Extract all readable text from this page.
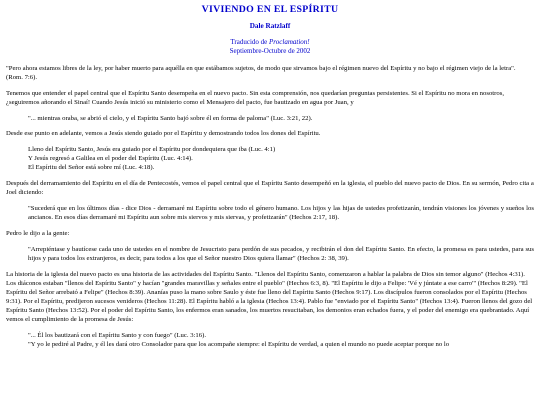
VIVIENDO EN EL ESPÍRITU
Dale Ratzlaff
Traducido de Proclamation!
Septiembre-Octubre de 2002

"Pero ahora estamos libres de la ley, por haber muerto para aquélla en que estábamos sujetos, de modo que sirvamos bajo el régimen nuevo del Espíritu y no bajo el régimen viejo de la letra". (Rom. 7:6).

Tenemos que entender el papel central que el Espíritu Santo desempeña en el nuevo pacto. Sin esta comprensión, nos quedarían preguntas persistentes. Si el Espíritu no mora en nosotros, ¿seguiremos añorando el Sinaí! Cuando Jesús inició su ministerio como el Mensajero del pacto, fue bautizado en agua por Juan, y

"... mientras oraba, se abrió el cielo, y el Espíritu Santo bajó sobre él en forma de paloma" (Luc. 3:21, 22).

Desde ese punto en adelante, vemos a Jesús siendo guiado por el Espíritu y demostrando todos los dones del Espíritu.

Lleno del Espíritu Santo, Jesús era guiado por el Espíritu por dondequiera que iba (Luc. 4:1)
Y Jesús regresó a Galilea en el poder del Espíritu (Luc. 4:14).
El Espíritu del Señor está sobre mí (Luc. 4:18).

Después del derramamiento del Espíritu en el día de Pentecostés, vemos el papel central que el Espíritu Santo desempeñó en la iglesia, el pueblo del nuevo pacto de Dios. En su sermón, Pedro cita a Joel diciendo:

"Sucederá que en los últimos días - dice Dios - derramaré mi Espíritu sobre todo el género humano. Los hijos y las hijas de ustedes profetizarán, tendrán visiones los jóvenes y sueños los ancianos. En esos días derramaré mi Espíritu aun sobre mis siervos y mis siervas, y profetizarán" (Hechos 2:17, 18).

Pedro le dijo a la gente:

"Arrepiéntase y bautícese cada uno de ustedes en el nombre de Jesucristo para perdón de sus pecados, y recibirán el don del Espíritu Santo. En efecto, la promesa es para ustedes, para sus hijos y para todos los extranjeros, es decir, para todos a los que el Señor nuestro Dios quiera llamar" (Hechos 2: 38, 39).

La historia de la iglesia del nuevo pacto es una historia de las actividades del Espíritu Santo. "Llenos del Espíritu Santo, comenzaron a hablar la palabra de Dios sin temor alguno" (Hechos 4:31). Los diáconos estaban "llenos del Espíritu Santo" y hacían "grandes maravillas y señales entre el pueblo" (Hechos 6:3, 8). "El Espíritu le dijo a Felipe: 'Vé y júntate a ese carro'" (Hechos 8:29). "El Espíritu del Señor arrebató a Felipe" (Hechos 8:39). Ananías puso la mano sobre Saulo y éste fue lleno del Espíritu Santo (Hechos 9:17). Los discípulos fueron consolados por el Espíritu (Hechos 9:31). Por el Espíritu, predijeron sucesos venideros (Hechos 11:28). El Espíritu habló a la iglesia (Hechos 13:4). Pablo fue "enviado por el Espíritu Santo" (Hechos 13:4). Fueron llenos del gozo del Espíritu Santo (Hechos 13:52). Por el poder del Espíritu Santo, los enfermos eran sanados, los muertos resucitaban, los demonios eran echados fuera, y el poder del enemigo era quebrantado. Aquí vemos el cumplimiento de la promesa de Jesús:

"... Él los bautizará con el Espíritu Santo y con fuego" (Luc. 3:16).
"Y yo le pediré al Padre, y él les dará otro Consolador para que los acompañe siempre: el Espíritu de verdad, a quien el mundo no puede aceptar porque no lo
